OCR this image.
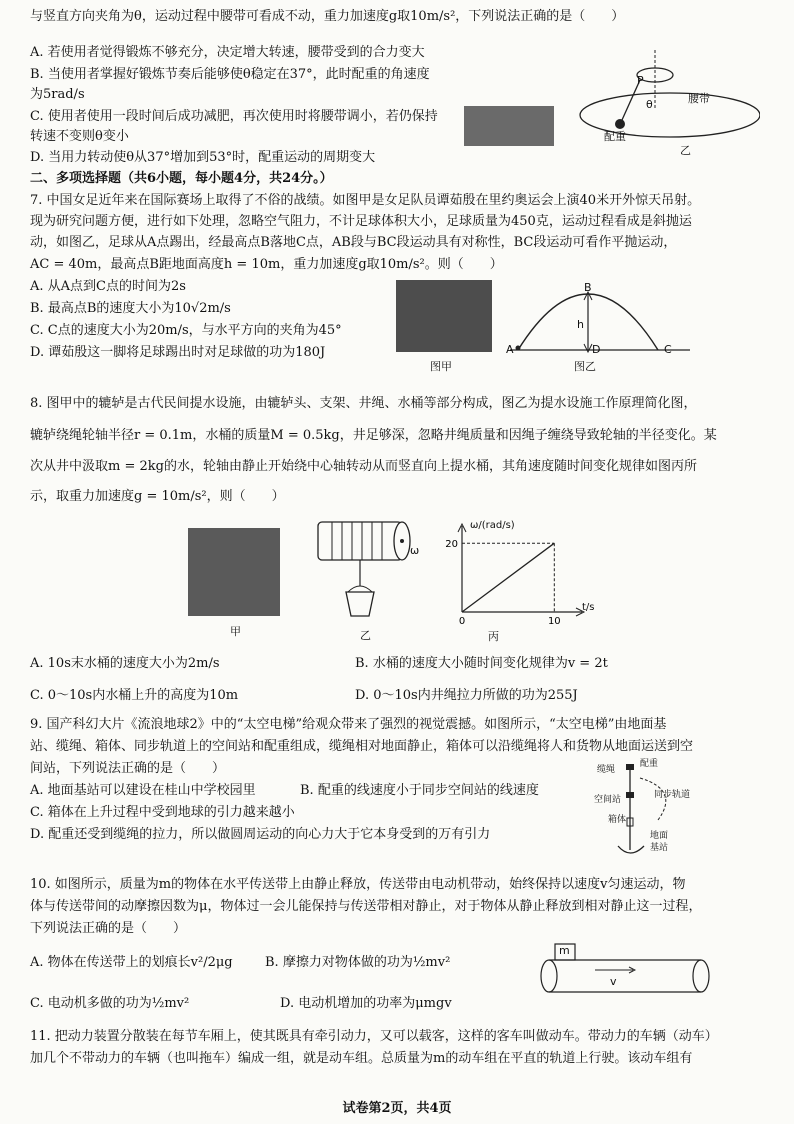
与竖直方向夹角为θ，运动过程中腰带可看成不动，重力加速度g取10m/s²，下列说法正确的是（　　）
A. 若使用者觉得锻炼不够充分，决定增大转速，腰带受到的合力变大
B. 当使用者掌握好锻炼节奏后能够使θ稳定在37°，此时配重的角速度
为5rad/s
C. 使用者使用一段时间后成功减肥，再次使用时将腰带调小，若仍保持
转速不变则θ变小
D. 当用力转动使θ从37°增加到53°时，配重运动的周期变大
P
腰带
配重
θ
乙
二、多项选择题（共6小题，每小题4分，共24分。）
7. 中国女足近年来在国际赛场上取得了不俗的战绩。如图甲是女足队员谭茹殷在里约奥运会上演40米开外惊天吊射。
现为研究问题方便，进行如下处理，忽略空气阻力，不计足球体积大小，足球质量为450克，运动过程看成是斜抛运
动，如图乙，足球从A点踢出，经最高点B落地C点，AB段与BC段运动具有对称性，BC段运动可看作平抛运动，
AC = 40m，最高点B距地面高度h = 10m，重力加速度g取10m/s²。则（　　）
A. 从A点到C点的时间为2s
B. 最高点B的速度大小为10√2m/s
C. C点的速度大小为20m/s，与水平方向的夹角为45°
D. 谭茹殷这一脚将足球踢出时对足球做的功为180J
图甲
B
h
A	D	C
图乙
8. 图甲中的辘轳是古代民间提水设施，由辘轳头、支架、井绳、水桶等部分构成，图乙为提水设施工作原理简化图，
辘轳绕绳轮轴半径r = 0.1m，水桶的质量M = 0.5kg，井足够深，忽略井绳质量和因绳子缠绕导致轮轴的半径变化。某
次从井中汲取m = 2kg的水，轮轴由静止开始绕中心轴转动从而竖直向上提水桶，其角速度随时间变化规律如图丙所
示，取重力加速度g = 10m/s²，则（　　）
甲
ω
乙
20
10
0
ω/(rad/s)
t/s
丙
A. 10s末水桶的速度大小为2m/s	B. 水桶的速度大小随时间变化规律为v = 2t
C. 0～10s内水桶上升的高度为10m	D. 0～10s内井绳拉力所做的功为255J
9. 国产科幻大片《流浪地球2》中的“太空电梯”给观众带来了强烈的视觉震撼。如图所示，“太空电梯”由地面基
站、缆绳、箱体、同步轨道上的空间站和配重组成，缆绳相对地面静止，箱体可以沿缆绳将人和货物从地面运送到空
间站，下列说法正确的是（　　）
A. 地面基站可以建设在桂山中学校园里	B. 配重的线速度小于同步空间站的线速度
C. 箱体在上升过程中受到地球的引力越来越小
D. 配重还受到缆绳的拉力，所以做圆周运动的向心力大于它本身受到的万有引力
缆绳
配重
空间站	同步轨道
箱体
地面
基站
10. 如图所示，质量为m的物体在水平传送带上由静止释放，传送带由电动机带动，始终保持以速度v匀速运动，物
体与传送带间的动摩擦因数为μ，物体过一会儿能保持与传送带相对静止，对于物体从静止释放到相对静止这一过程，
下列说法正确的是（　　）
A. 物体在传送带上的划痕长v²/2μg B. 摩擦力对物体做的功为½mv²
C. 电动机多做的功为½mv²	D. 电动机增加的功率为μmgv
m
v
11. 把动力装置分散装在每节车厢上，使其既具有牵引动力，又可以载客，这样的客车叫做动车。带动力的车辆（动车）
加几个不带动力的车辆（也叫拖车）编成一组，就是动车组。总质量为m的动车组在平直的轨道上行驶。该动车组有
试卷第2页，共4页
